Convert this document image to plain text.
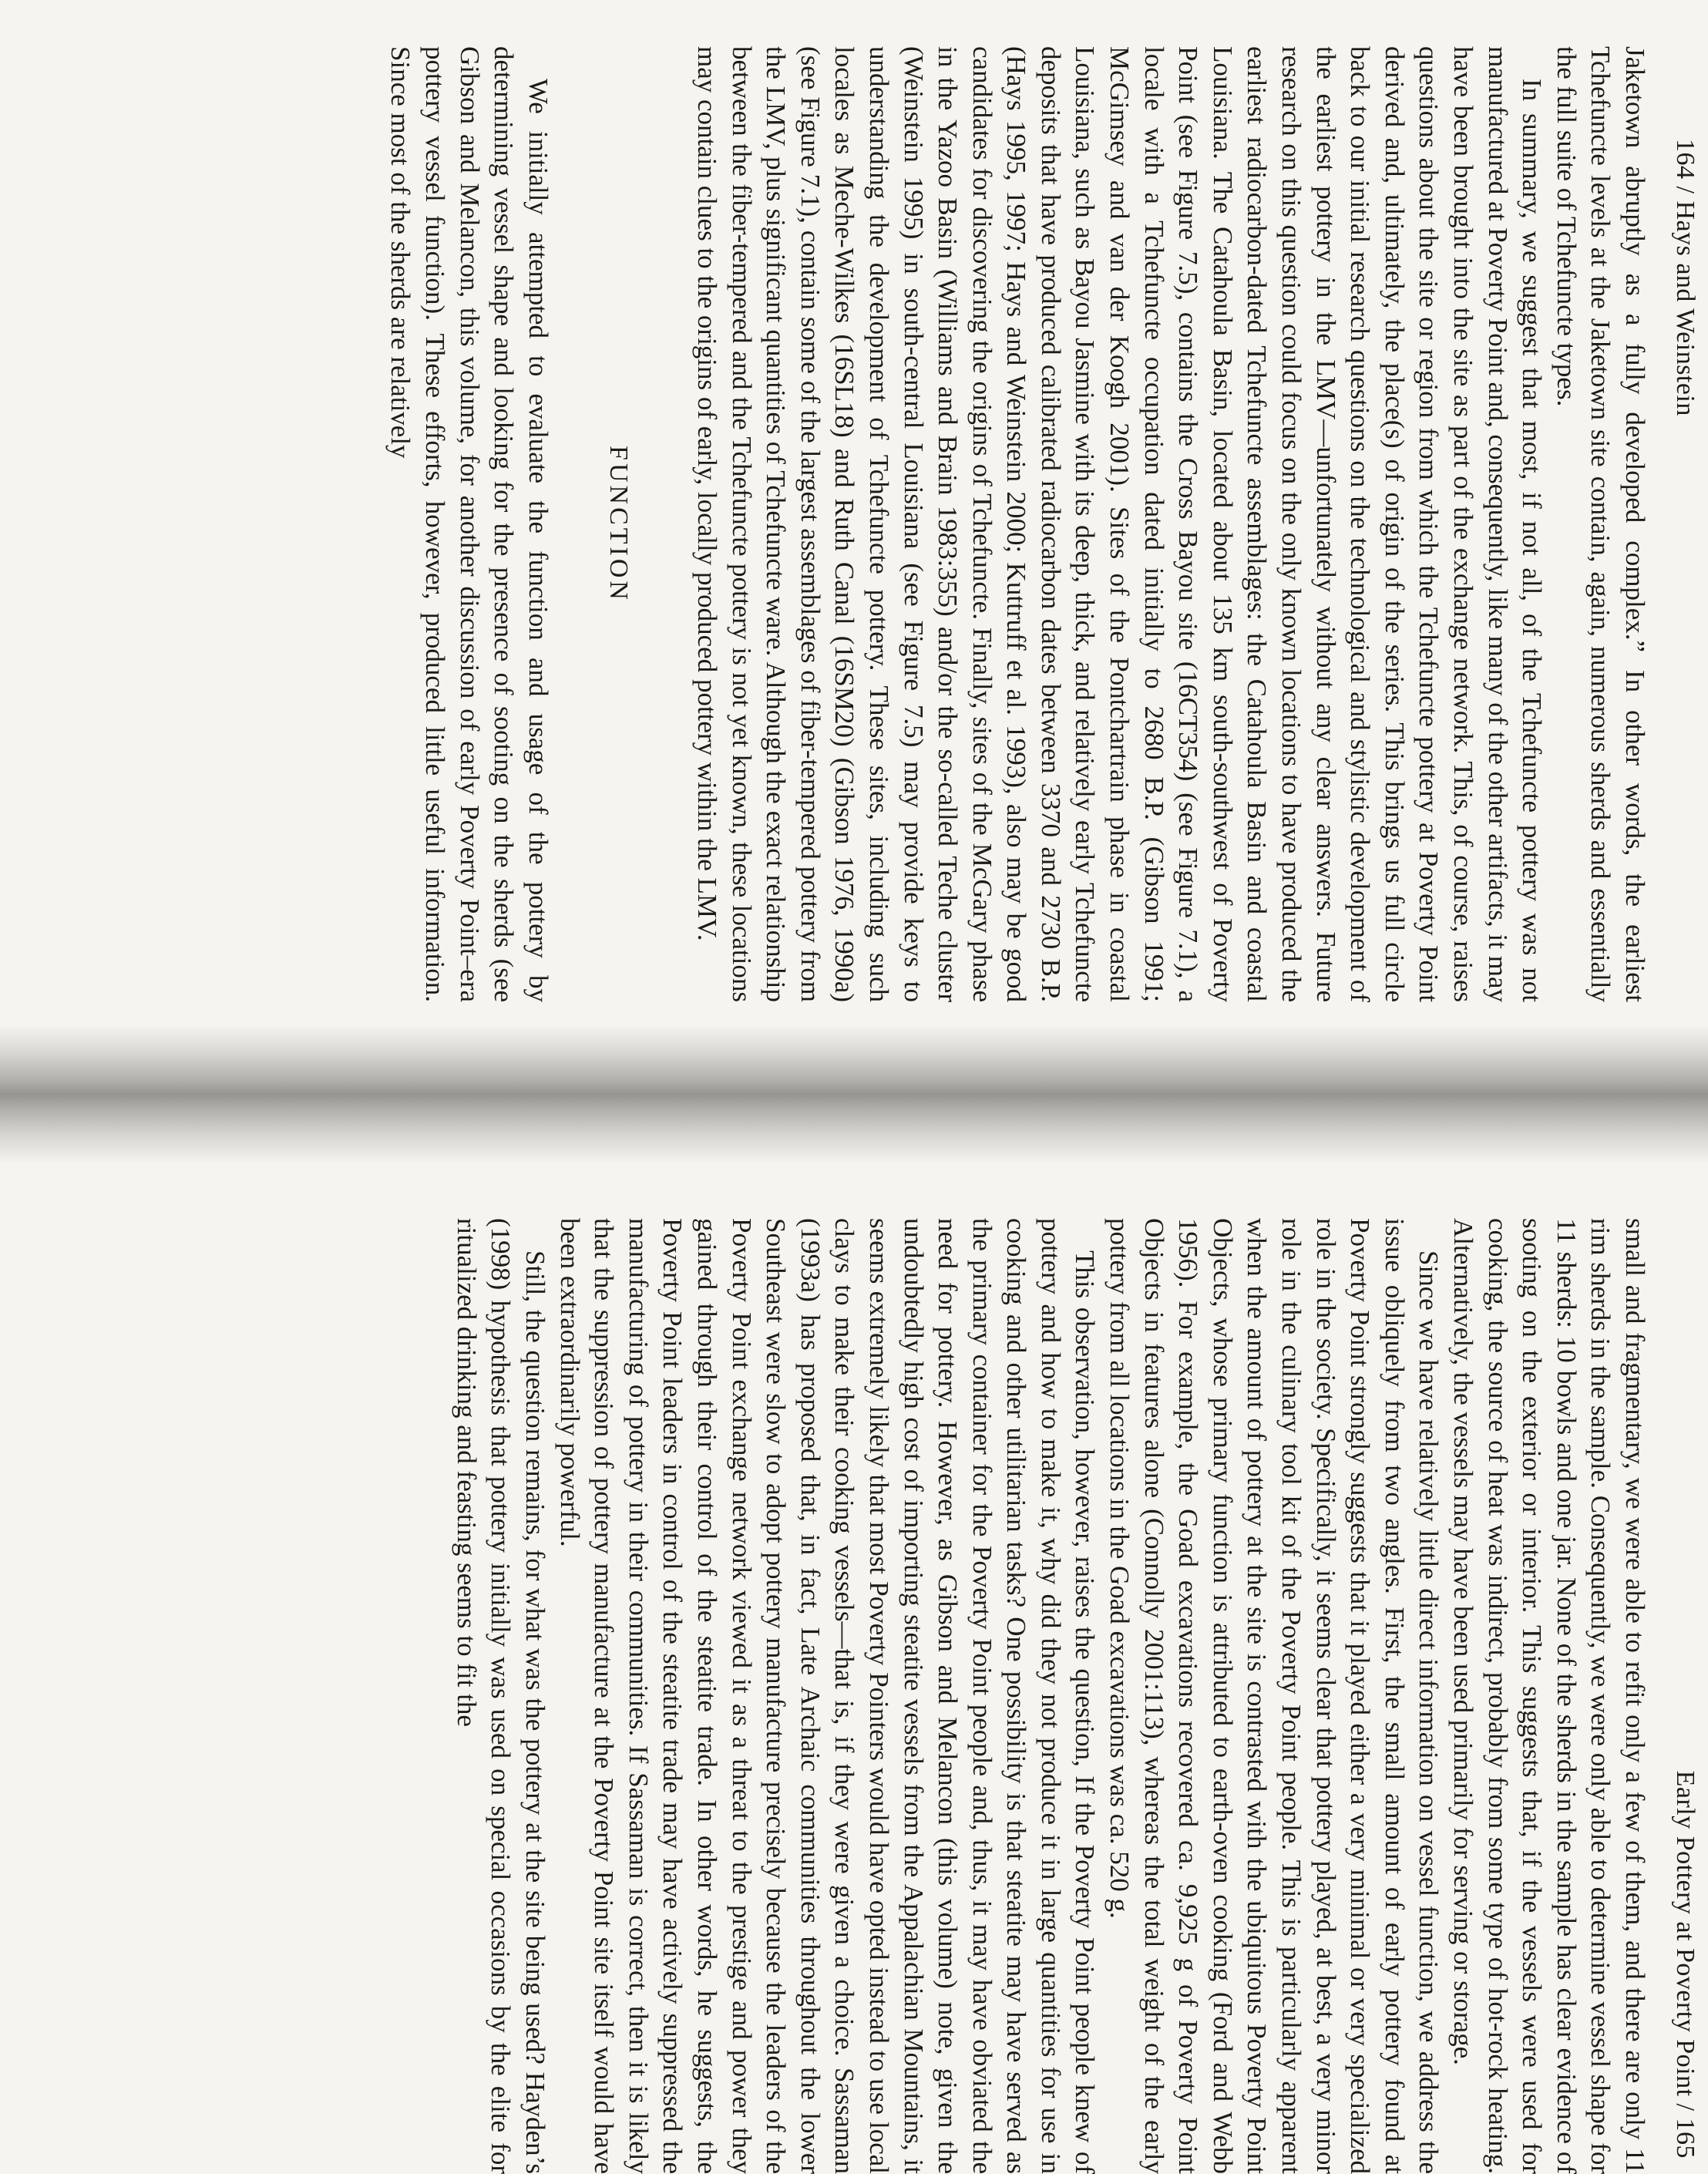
164 / Hays and Weinstein

Jaketown abruptly as a fully developed complex.” In other words, the earliest Tchefuncte levels at the Jaketown site contain, again, numerous sherds and essentially the full suite of Tchefuncte types.

In summary, we suggest that most, if not all, of the Tchefuncte pottery was not manufactured at Poverty Point and, consequently, like many of the other artifacts, it may have been brought into the site as part of the exchange network. This, of course, raises questions about the site or region from which the Tchefuncte pottery at Poverty Point derived and, ultimately, the place(s) of origin of the series. This brings us full circle back to our initial research questions on the technological and stylistic development of the earliest pottery in the LMV—unfortunately without any clear answers. Future research on this question could focus on the only known locations to have produced the earliest radiocarbon-dated Tchefuncte assemblages: the Catahoula Basin and coastal Louisiana. The Catahoula Basin, located about 135 km south-southwest of Poverty Point (see Figure 7.5), contains the Cross Bayou site (16CT354) (see Figure 7.1), a locale with a Tchefuncte occupation dated initially to 2680 B.P. (Gibson 1991; McGimsey and van der Koogh 2001). Sites of the Pontchartrain phase in coastal Louisiana, such as Bayou Jasmine with its deep, thick, and relatively early Tchefuncte deposits that have produced calibrated radiocarbon dates between 3370 and 2730 B.P. (Hays 1995, 1997; Hays and Weinstein 2000; Kuttruff et al. 1993), also may be good candidates for discovering the origins of Tchefuncte. Finally, sites of the McGary phase in the Yazoo Basin (Williams and Brain 1983:355) and/or the so-called Teche cluster (Weinstein 1995) in south-central Louisiana (see Figure 7.5) may provide keys to understanding the development of Tchefuncte pottery. These sites, including such locales as Meche-Wilkes (16SL18) and Ruth Canal (16SM20) (Gibson 1976, 1990a) (see Figure 7.1), contain some of the largest assemblages of fiber-tempered pottery from the LMV, plus significant quantities of Tchefuncte ware. Although the exact relationship between the fiber-tempered and the Tchefuncte pottery is not yet known, these locations may contain clues to the origins of early, locally produced pottery within the LMV.

FUNCTION

We initially attempted to evaluate the function and usage of the pottery by determining vessel shape and looking for the presence of sooting on the sherds (see Gibson and Melancon, this volume, for another discussion of early Poverty Point–era pottery vessel function). These efforts, however, produced little useful information. Since most of the sherds are relatively

Early Pottery at Poverty Point / 165

small and fragmentary, we were able to refit only a few of them, and there are only 11 rim sherds in the sample. Consequently, we were only able to determine vessel shape for 11 sherds: 10 bowls and one jar. None of the sherds in the sample has clear evidence of sooting on the exterior or interior. This suggests that, if the vessels were used for cooking, the source of heat was indirect, probably from some type of hot-rock heating. Alternatively, the vessels may have been used primarily for serving or storage.

Since we have relatively little direct information on vessel function, we address the issue obliquely from two angles. First, the small amount of early pottery found at Poverty Point strongly suggests that it played either a very minimal or very specialized role in the society. Specifically, it seems clear that pottery played, at best, a very minor role in the culinary tool kit of the Poverty Point people. This is particularly apparent when the amount of pottery at the site is contrasted with the ubiquitous Poverty Point Objects, whose primary function is attributed to earth-oven cooking (Ford and Webb 1956). For example, the Goad excavations recovered ca. 9,925 g of Poverty Point Objects in features alone (Connolly 2001:113), whereas the total weight of the early pottery from all locations in the Goad excavations was ca. 520 g.

This observation, however, raises the question, If the Poverty Point people knew of pottery and how to make it, why did they not produce it in large quantities for use in cooking and other utilitarian tasks? One possibility is that steatite may have served as the primary container for the Poverty Point people and, thus, it may have obviated the need for pottery. However, as Gibson and Melancon (this volume) note, given the undoubtedly high cost of importing steatite vessels from the Appalachian Mountains, it seems extremely likely that most Poverty Pointers would have opted instead to use local clays to make their cooking vessels—that is, if they were given a choice. Sassaman (1993a) has proposed that, in fact, Late Archaic communities throughout the lower Southeast were slow to adopt pottery manufacture precisely because the leaders of the Poverty Point exchange network viewed it as a threat to the prestige and power they gained through their control of the steatite trade. In other words, he suggests, the Poverty Point leaders in control of the steatite trade may have actively suppressed the manufacturing of pottery in their communities. If Sassaman is correct, then it is likely that the suppression of pottery manufacture at the Poverty Point site itself would have been extraordinarily powerful.

Still, the question remains, for what was the pottery at the site being used? Hayden’s (1998) hypothesis that pottery initially was used on special occasions by the elite for ritualized drinking and feasting seems to fit the
